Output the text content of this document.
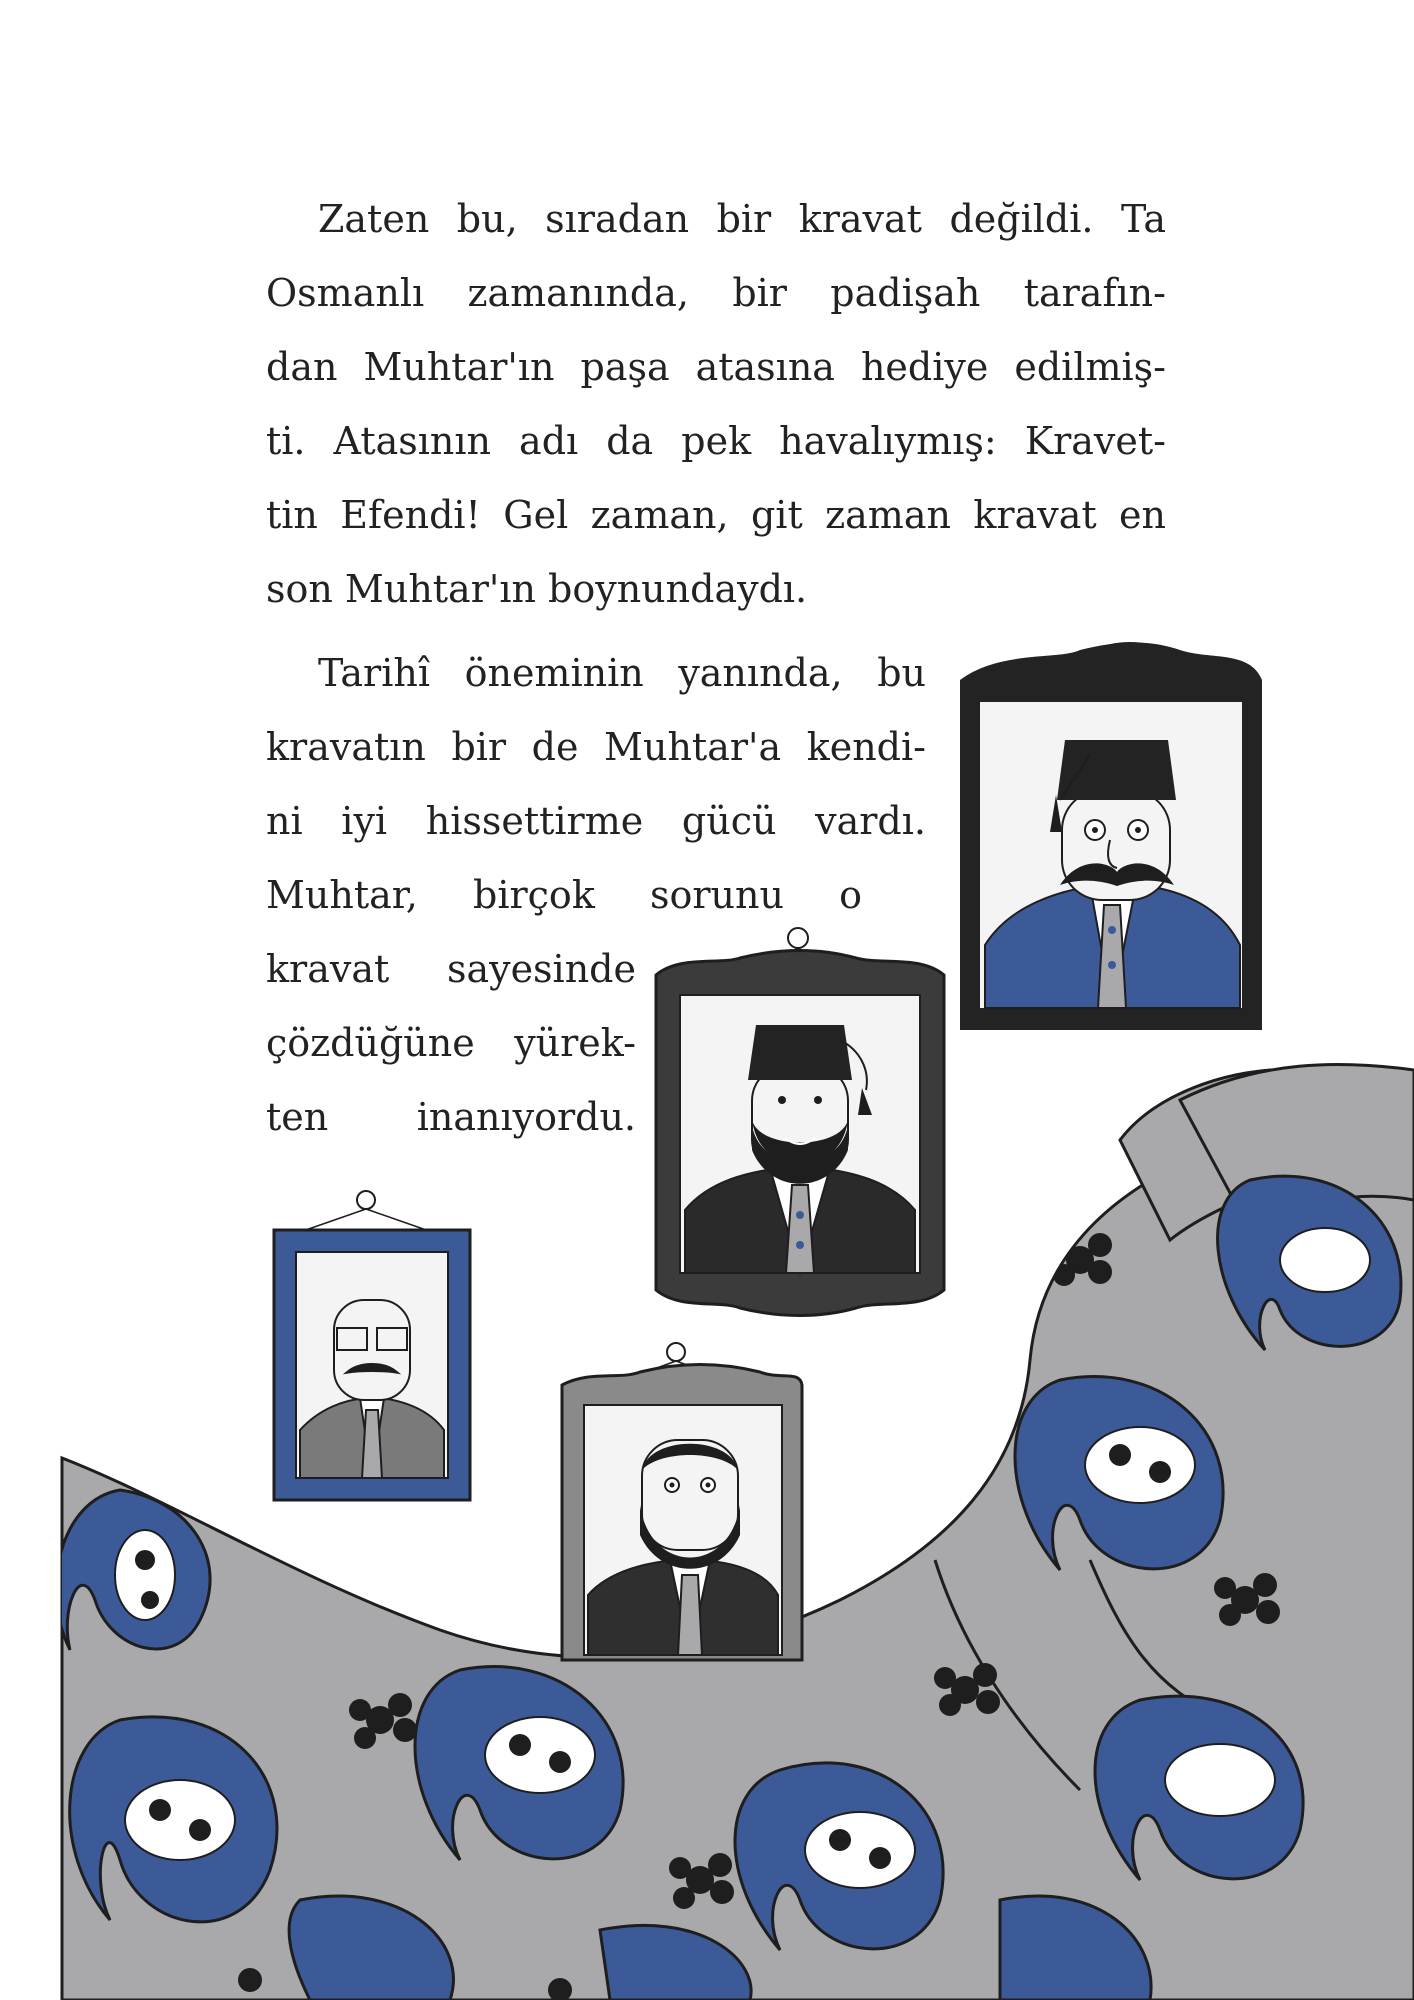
Zaten bu, sıradan bir kravat değildi. Ta
Osmanlı zamanında, bir padişah tarafın-
dan Muhtar'ın paşa atasına hediye edilmiş-
ti. Atasının adı da pek havalıymış: Kravet-
tin Efendi! Gel zaman, git zaman kravat en
son Muhtar'ın boynundaydı.

Tarihî öneminin yanında, bu
kravatın bir de Muhtar'a kendi-
ni iyi hissettirme gücü vardı.
Muhtar, birçok sorunu o
kravat sayesinde
çözdüğüne yürek-
ten inanıyordu.
